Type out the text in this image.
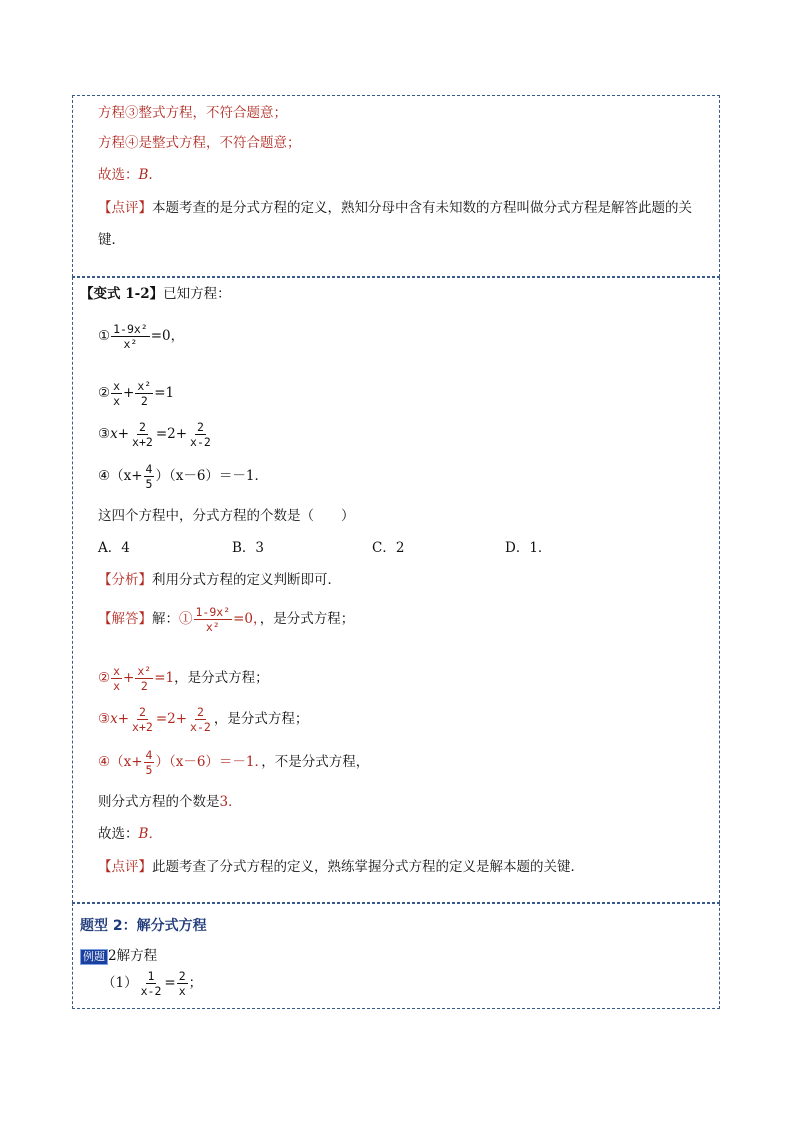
方程③整式方程，不符合题意；
方程④是整式方程，不符合题意；
故选：B.
【点评】本题考查的是分式方程的定义，熟知分母中含有未知数的方程叫做分式方程是解答此题的关
键．
【变式 1-2】已知方程：
① $\frac{\text{1-9x²}}{\text{x²}} =0$，
② $\frac{x}{x} + \frac{\text{x²}}{2} =1$
③x+ $\frac{2}{x+2} =2+ \frac{2}{x-2}$
④（x+ $\frac{4}{5} )(x-6)=-1$．
这四个方程中，分式方程的个数是（　　）
A．4	B．3	C．2	D．1．
【分析】利用分式方程的定义判断即可．
【解答】解：① $\frac{\text{1-9x²}}{\text{x²}} =0$，，是分式方程；
② $\frac{x}{x} + \frac{\text{x²}}{2} =1$，是分式方程；
③x+ $\frac{2}{x+2} =2+ \frac{2}{x-2}$ ，是分式方程；
④（x+ $\frac{4}{5} )(x-6)=-1$．，不是分式方程，
则分式方程的个数是3．
故选：B．
【点评】此题考查了分式方程的定义，熟练掌握分式方程的定义是解本题的关键．
题型 2：解分式方程
例题 2解方程
$(1) \frac{1}{x-2} = \frac{2}{x}$ ；
